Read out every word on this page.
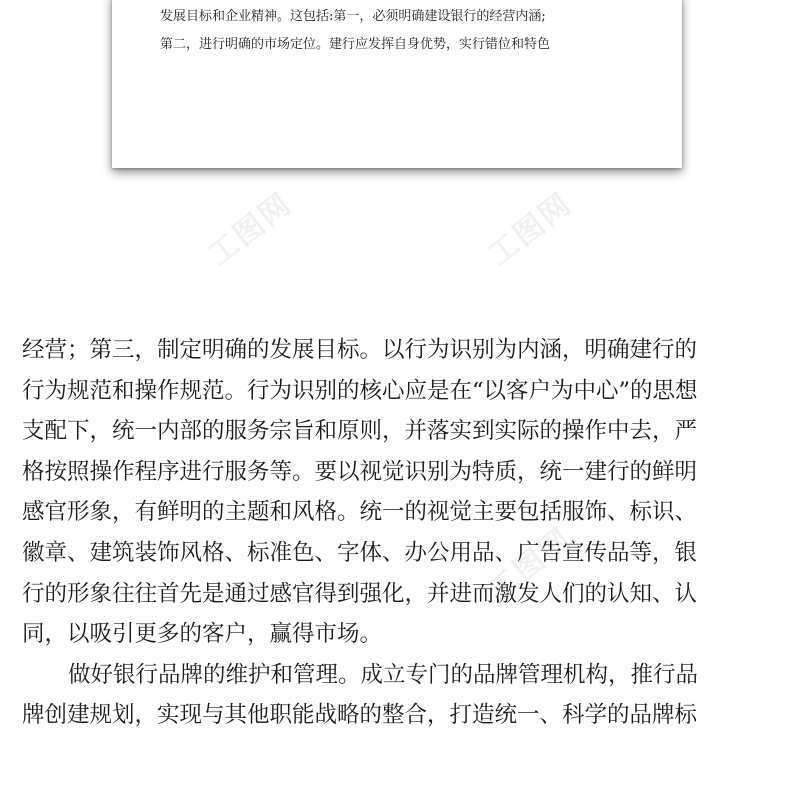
发展目标和企业精神。这包括:第一，必须明确建设银行的经营内涵;
第二，进行明确的市场定位。建行应发挥自身优势，实行错位和特色
工图网	工图网
工图网
经营；第三，制定明确的发展目标。以行为识别为内涵，明确建行的
行为规范和操作规范。行为识别的核心应是在“以客户为中心”的思想
支配下，统一内部的服务宗旨和原则，并落实到实际的操作中去，严
格按照操作程序进行服务等。要以视觉识别为特质，统一建行的鲜明
感官形象，有鲜明的主题和风格。统一的视觉主要包括服饰、标识、
徽章、建筑装饰风格、标准色、字体、办公用品、广告宣传品等，银
行的形象往往首先是通过感官得到强化，并进而激发人们的认知、认
同，以吸引更多的客户，赢得市场。
做好银行品牌的维护和管理。成立专门的品牌管理机构，推行品
牌创建规划，实现与其他职能战略的整合，打造统一、科学的品牌标
